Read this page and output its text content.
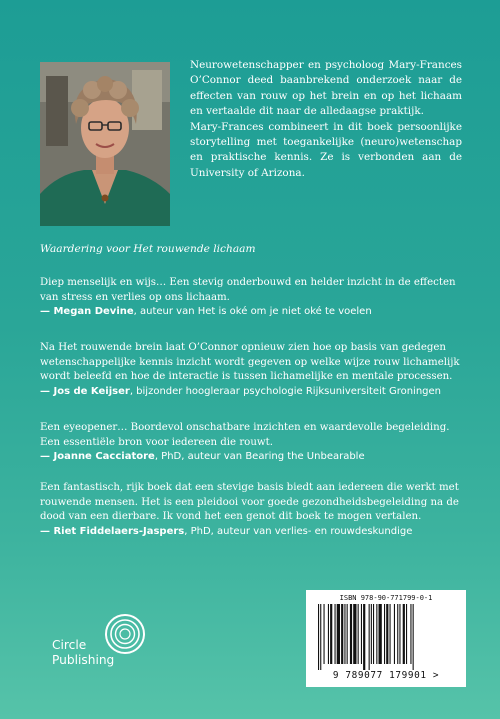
Neurowetenschapper en psycholoog Mary-Frances O’Connor deed baanbrekend onderzoek naar de effecten van rouw op het brein en op het lichaam en vertaalde dit naar de alledaagse praktijk.

Mary-Frances combineert in dit boek persoonlijke storytelling met toegankelijke (neuro)wetenschap en praktische kennis. Ze is verbonden aan de University of Arizona.

Waardering voor Het rouwende lichaam

Diep menselijk en wijs… Een stevig onderbouwd en helder inzicht in de effecten van stress en verlies op ons lichaam.

— Megan Devine, auteur van Het is oké om je niet oké te voelen

Na Het rouwende brein laat O’Connor opnieuw zien hoe op basis van gedegen wetenschappelijke kennis inzicht wordt gegeven op welke wijze rouw lichamelijk wordt beleefd en hoe de interactie is tussen lichamelijke en mentale processen.

— Jos de Keijser, bijzonder hoogleraar psychologie Rijksuniversiteit Groningen

Een eyeopener… Boordevol onschatbare inzichten en waardevolle begeleiding. Een essentiële bron voor iedereen die rouwt.

— Joanne Cacciatore, PhD, auteur van Bearing the Unbearable

Een fantastisch, rijk boek dat een stevige basis biedt aan iedereen die werkt met rouwende mensen. Het is een pleidooi voor goede gezondheidsbegeleiding na de dood van een dierbare. Ik vond het een genot dit boek te mogen vertalen.

— Riet Fiddelaers-Jaspers, PhD, auteur van verlies- en rouwdeskundige

Circle
Publishing
ISBN 978-90-771799-0-1
9 789077 179901 >
